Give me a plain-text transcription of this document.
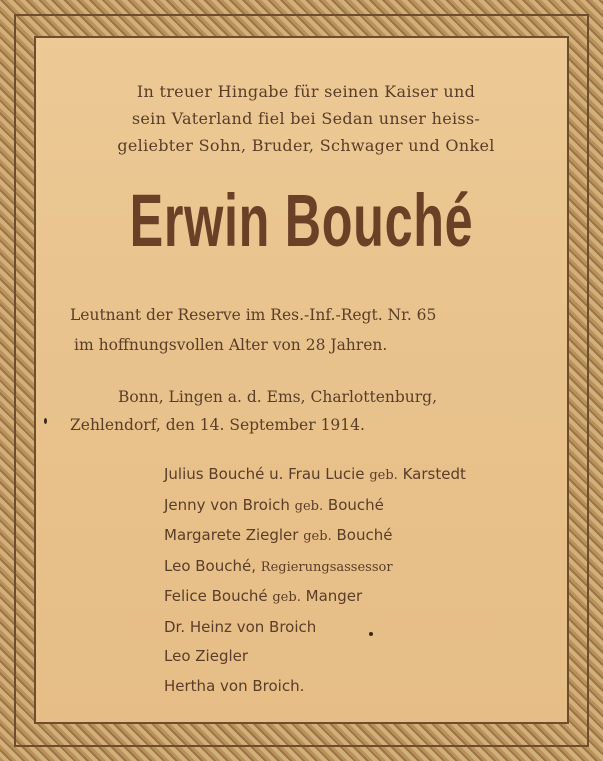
In treuer Hingabe für seinen Kaiser und
sein Vaterland fiel bei Sedan unser heiss-
geliebter Sohn, Bruder, Schwager und Onkel
Erwin Bouché
Leutnant der Reserve im Res.-Inf.-Regt. Nr. 65
im hoffnungsvollen Alter von 28 Jahren.
Bonn, Lingen a. d. Ems, Charlottenburg,
Zehlendorf, den 14. September 1914.
Julius Bouché u. Frau Lucie geb. Karstedt
Jenny von Broich geb. Bouché
Margarete Ziegler geb. Bouché
Leo Bouché, Regierungsassessor
Felice Bouché geb. Manger
Dr. Heinz von Broich
Leo Ziegler
Hertha von Broich.
